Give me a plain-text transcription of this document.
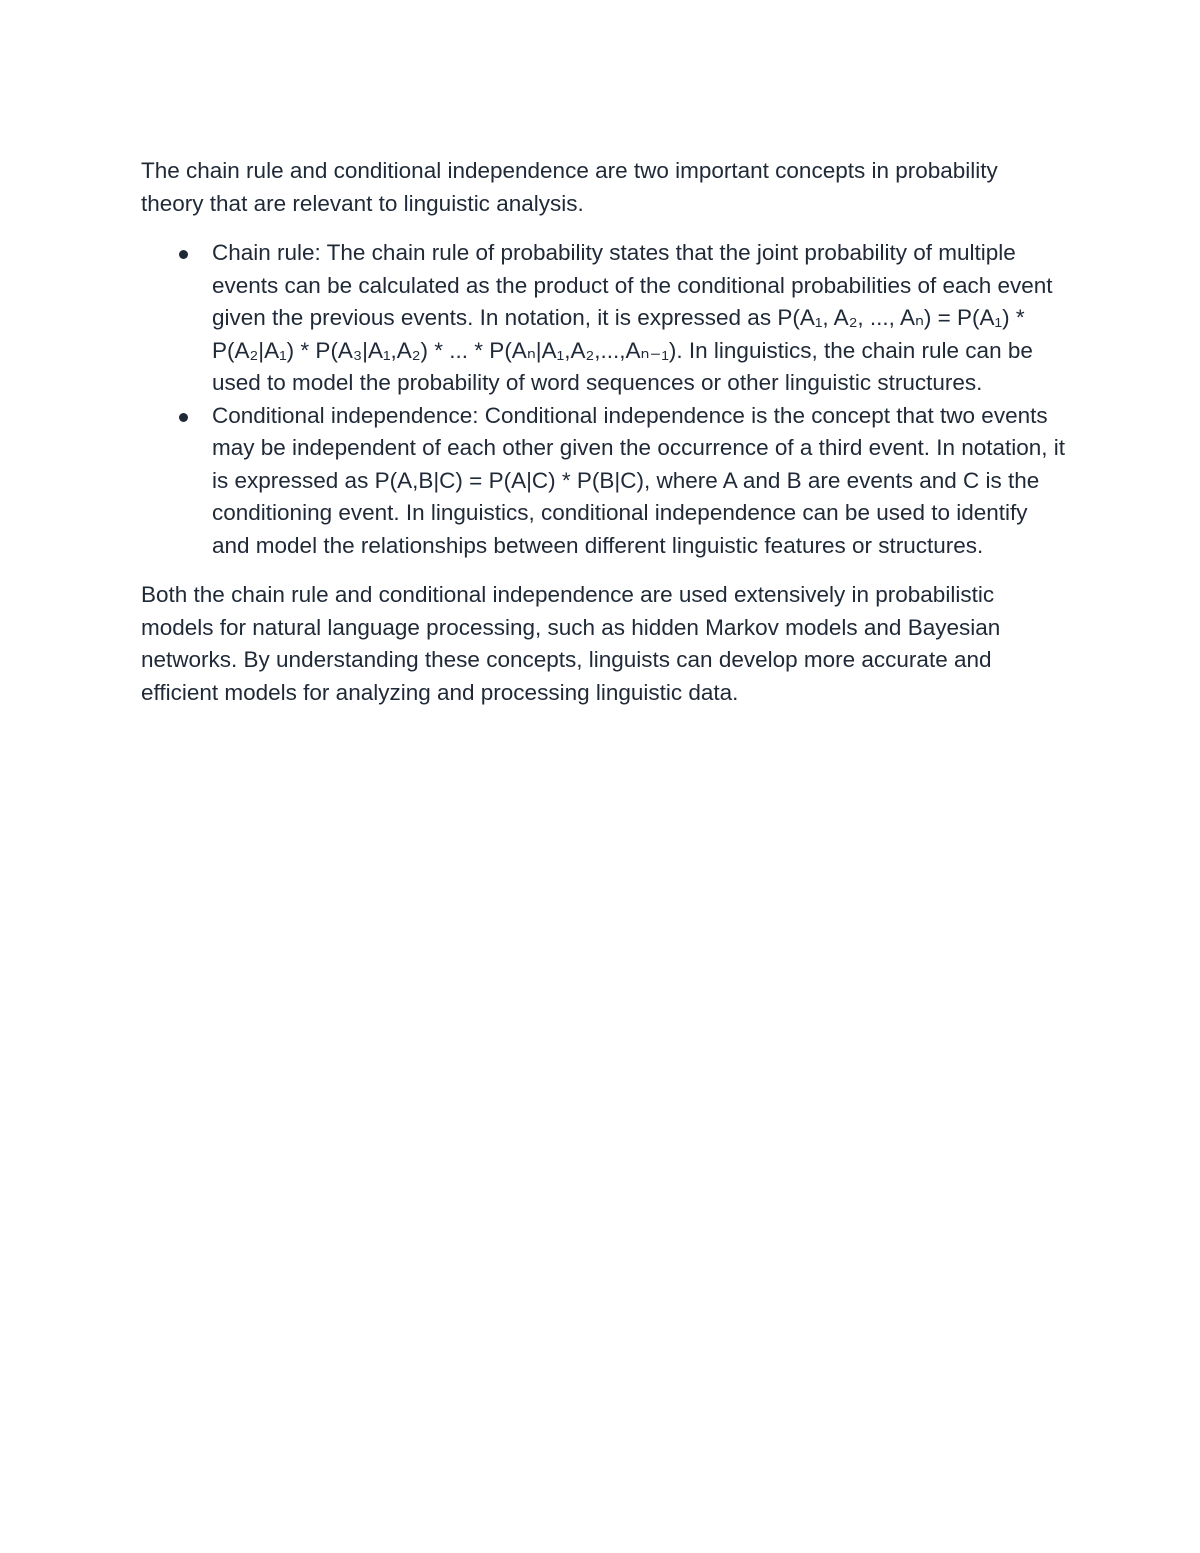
The chain rule and conditional independence are two important concepts in probability theory that are relevant to linguistic analysis.

Chain rule: The chain rule of probability states that the joint probability of multiple events can be calculated as the product of the conditional probabilities of each event given the previous events. In notation, it is expressed as P(A₁, A₂, ..., Aₙ) = P(A₁) * P(A₂|A₁) * P(A₃|A₁,A₂) * ... * P(Aₙ|A₁,A₂,...,Aₙ₋₁). In linguistics, the chain rule can be used to model the probability of word sequences or other linguistic structures.
Conditional independence: Conditional independence is the concept that two events may be independent of each other given the occurrence of a third event. In notation, it is expressed as P(A,B|C) = P(A|C) * P(B|C), where A and B are events and C is the conditioning event. In linguistics, conditional independence can be used to identify and model the relationships between different linguistic features or structures.

Both the chain rule and conditional independence are used extensively in probabilistic models for natural language processing, such as hidden Markov models and Bayesian networks. By understanding these concepts, linguists can develop more accurate and efficient models for analyzing and processing linguistic data.
